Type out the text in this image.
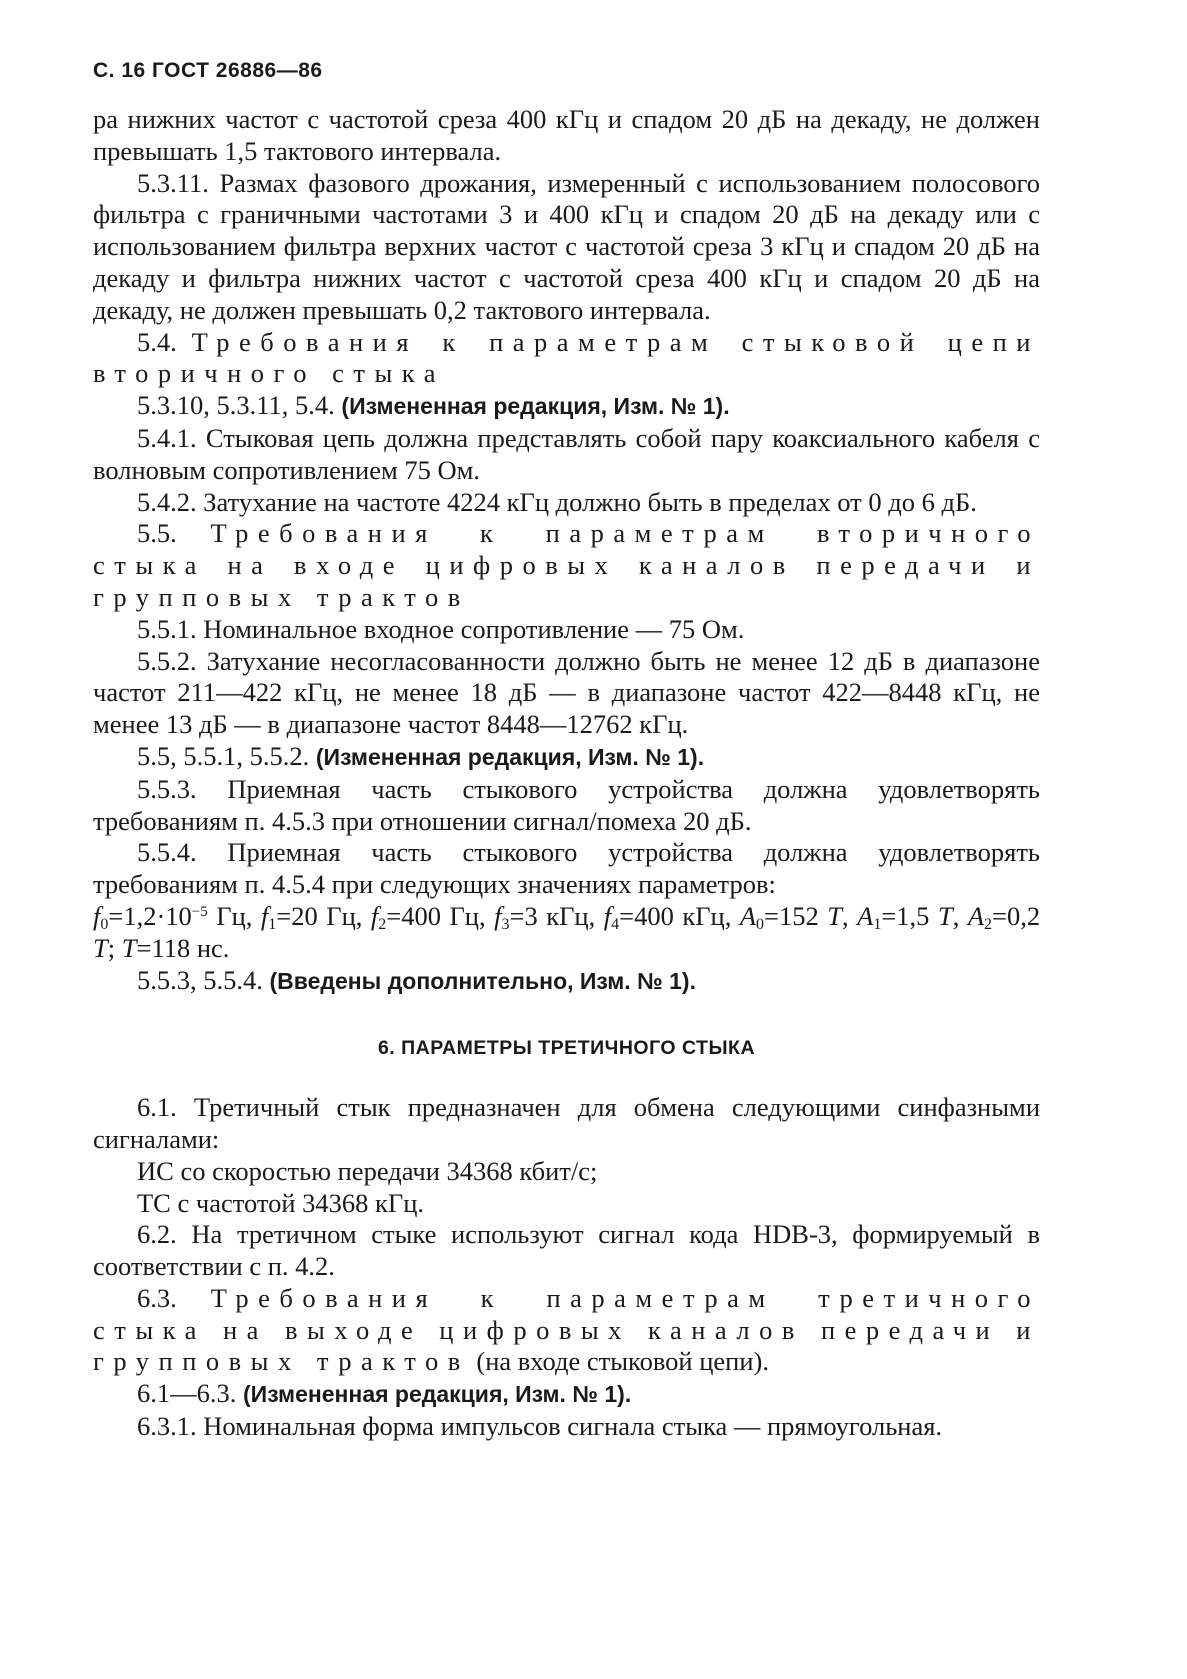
С. 16 ГОСТ 26886—86

ра нижних частот с частотой среза 400 кГц и спадом 20 дБ на декаду, не должен превышать 1,5 тактового интервала.

5.3.11. Размах фазового дрожания, измеренный с использованием полосового фильтра с граничными частотами 3 и 400 кГц и спадом 20 дБ на декаду или с использованием фильтра верхних частот с частотой среза 3 кГц и спадом 20 дБ на декаду и фильтра нижних частот с частотой среза 400 кГц и спадом 20 дБ на декаду, не должен превышать 0,2 тактового интервала.

5.4. Требования к параметрам стыковой цепи вторичного стыка

5.3.10, 5.3.11, 5.4. (Измененная редакция, Изм. № 1).

5.4.1. Стыковая цепь должна представлять собой пару коаксиального кабеля с волновым сопротивлением 75 Ом.

5.4.2. Затухание на частоте 4224 кГц должно быть в пределах от 0 до 6 дБ.

5.5. Требования к параметрам вторичного стыка на входе цифровых каналов передачи и групповых трактов

5.5.1. Номинальное входное сопротивление — 75 Ом.

5.5.2. Затухание несогласованности должно быть не менее 12 дБ в диапазоне частот 211—422 кГц, не менее 18 дБ — в диапазоне частот 422—8448 кГц, не менее 13 дБ — в диапазоне частот 8448—12762 кГц.

5.5, 5.5.1, 5.5.2. (Измененная редакция, Изм. № 1).

5.5.3. Приемная часть стыкового устройства должна удовлетворять требованиям п. 4.5.3 при отношении сигнал/помеха 20 дБ.

5.5.4. Приемная часть стыкового устройства должна удовлетворять требованиям п. 4.5.4 при следующих значениях параметров:

$f_0=1,2\cdot 10^{-5}$ Гц, $f_1=20$ Гц, $f_2=400$ Гц, $f_3=3$ кГц, $f_4=400$ кГц, $A_0=152$ T, $A_1=1,5$ T, $A_2=0,2$ T; T=118 нс.

5.5.3, 5.5.4. (Введены дополнительно, Изм. № 1).

6. ПАРАМЕТРЫ ТРЕТИЧНОГО СТЫКА

6.1. Третичный стык предназначен для обмена следующими синфазными сигналами:

ИС со скоростью передачи 34368 кбит/с;

ТС с частотой 34368 кГц.

6.2. На третичном стыке используют сигнал кода HDB-3, формируемый в соответствии с п. 4.2.

6.3. Требования к параметрам третичного стыка на выходе цифровых каналов передачи и групповых трактов (на входе стыковой цепи).

6.1—6.3. (Измененная редакция, Изм. № 1).

6.3.1. Номинальная форма импульсов сигнала стыка — прямоугольная.
